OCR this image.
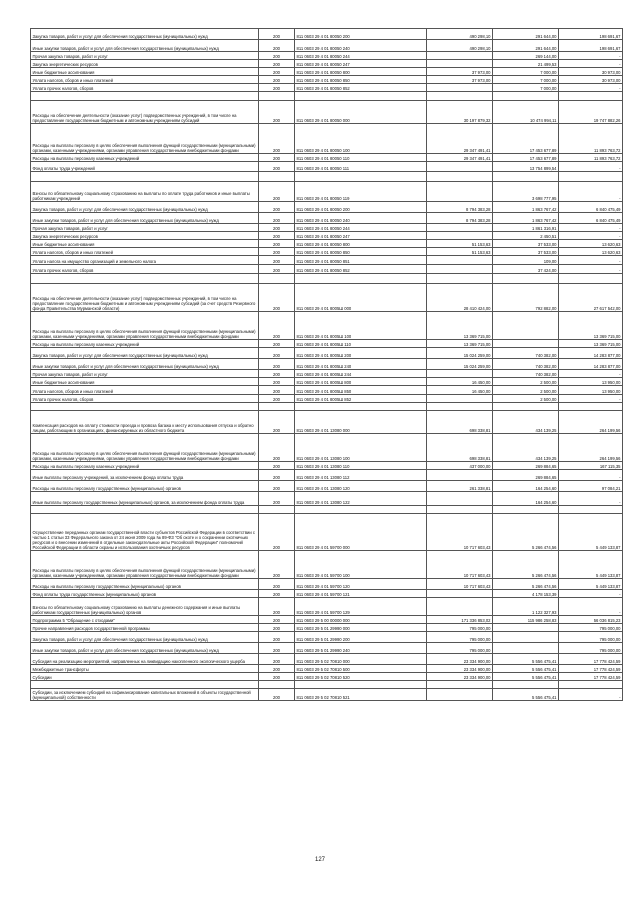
Закупка товаров, работ и услуг для обеспечения государственных (муниципальных) нужд	200	811 0603 29 4 01 80050 200	490 298,10	291 644,00	198 691,67
Иные закупки товаров, работ и услуг для обеспечения государственных (муниципальных) нужд	200	811 0603 29 4 01 80050 240	490 298,10	291 644,00	198 691,67
Прочая закупка товаров, работ и услуг	200	811 0603 29 4 01 80050 244		269 144,00	-
Закупка энергетических ресурсов	200	811 0603 29 4 01 80050 247		21 499,53	-
Иные бюджетные ассигнования	200	811 0603 29 4 01 80050 800	37 973,00	7 000,00	30 973,00
Уплата налогов, сборов и иных платежей	200	811 0603 29 4 01 80050 850	37 973,00	7 000,00	30 973,00
Уплата прочих налогов, сборов	200	811 0603 29 4 01 80050 852		7 000,00	-

Расходы на обеспечение деятельности (оказание услуг) подведомственных учреждений, в том числе на предоставление государственным бюджетным и автономным учреждениям субсидий	200	811 0603 29 4 01 80050 000	30 197 879,32	10 474 994,11	19 747 882,26
Расходы на выплаты персоналу в целях обеспечения выполнения функций государственными (муниципальными) органами, казенными учреждениями, органами управления государственными внебюджетными фондами	200	811 0603 29 4 01 80050 100	29 347 491,41	17 453 677,89	11 893 763,72
Расходы на выплаты персоналу казенных учреждений	200	811 0603 29 4 01 80050 110	29 347 491,41	17 453 677,89	11 893 763,72
Фонд оплаты труда учреждений	200	811 0603 29 4 01 80050 111		13 754 899,54	-

Взносы по обязательному социальному страхованию на выплаты по оплате труда работников и иные выплаты работникам учреждений	200	811 0603 29 4 01 80050 119		3 698 777,95	-
Закупка товаров, работ и услуг для обеспечения государственных (муниципальных) нужд	200	811 0603 29 4 01 80050 200	8 794 383,28	1 863 767,42	6 840 475,49
Иные закупки товаров, работ и услуг для обеспечения государственных (муниципальных) нужд	200	811 0603 29 4 01 80050 240	8 794 383,28	1 863 767,42	6 840 475,49
Прочая закупка товаров, работ и услуг	200	811 0603 29 4 01 80050 244		1 861 316,91	-
Закупка энергетических ресурсов	200	811 0603 29 4 01 80050 247		2 450,51	-
Иные бюджетные ассигнования	200	811 0603 29 4 01 80050 800	51 153,63	37 533,00	13 620,63
Уплата налогов, сборов и иных платежей	200	811 0603 29 4 01 80050 850	51 153,63	37 533,00	13 620,63
Уплата налога на имущество организаций и земельного налога	200	811 0603 29 4 01 80050 851		109,00	-
Уплата прочих налогов, сборов	200	811 0603 29 4 01 80050 852		37 424,00	-

Расходы на обеспечение деятельности (оказание услуг) подведомственных учреждений, в том числе на предоставление государственным бюджетным и автономным учреждениям субсидий (за счет средств Резервного фонда Правительства Мурманской области)	200	811 0603 29 4 01 8005Ш 000	28 410 424,00	792 882,00	27 617 542,00
Расходы на выплаты персоналу в целях обеспечения выполнения функций государственными (муниципальными) органами, казенными учреждениями, органами управления государственными внебюджетными фондами	200	811 0603 29 4 01 8005Ш 100	13 369 715,00		13 369 715,00
Расходы на выплаты персоналу казенных учреждений	200	811 0603 29 4 01 8005Ш 110	13 369 715,00		13 369 715,00
Закупка товаров, работ и услуг для обеспечения государственных (муниципальных) нужд	200	811 0603 29 4 01 8005Ш 200	15 024 259,00	740 382,00	14 283 877,00
Иные закупки товаров, работ и услуг для обеспечения государственных (муниципальных) нужд	200	811 0603 29 4 01 8005Ш 240	15 024 259,00	740 382,00	14 283 877,00
Прочая закупка товаров, работ и услуг	200	811 0603 29 4 01 8005Ш 244		740 382,00	-
Иные бюджетные ассигнования	200	811 0603 29 4 01 8005Ш 800	16 450,00	2 500,00	13 950,00
Уплата налогов, сборов и иных платежей	200	811 0603 29 4 01 8005Ш 850	16 450,00	2 500,00	13 950,00
Уплата прочих налогов, сборов	200	811 0603 29 4 01 8005Ш 852		2 500,00	-

Компенсация расходов на оплату стоимости проезда и провоза багажа к месту использования отпуска и обратно лицам, работающим в организациях, финансируемых из областного бюджета	200	811 0603 29 4 01 13080 000	698 338,81	434 139,25	264 199,56
Расходы на выплаты персоналу в целях обеспечения выполнения функций государственными (муниципальными) органами, казенными учреждениями, органами управления государственными внебюджетными фондами	200	811 0603 29 4 01 13080 100	698 338,81	434 139,25	264 199,56
Расходы на выплаты персоналу казенных учреждений	200	811 0603 29 4 01 13080 110	437 000,00	269 884,65	167 115,35
Иные выплаты персоналу учреждений, за исключением фонда оплаты труда	200	811 0603 29 4 01 13080 112		269 884,65	-
Расходы на выплаты персоналу государственных (муниципальных) органов	200	811 0603 29 4 01 13080 120	261 338,81	164 254,60	97 084,21
Иные выплаты персоналу государственных (муниципальных) органов, за исключением фонда оплаты труда	200	811 0603 29 4 01 13080 122		164 254,60	-

Осуществление переданных органам государственной власти субъектов Российской Федерации в соответствии с частью 1 статьи 33 Федерального закона от 24 июня 2009 года № 89-ФЗ "Об охоте и о сохранении охотничьих ресурсов и о внесении изменений в отдельные законодательные акты Российской Федерации" полномочий Российской Федерации в области охраны и использования охотничьих ресурсов	200	811 0603 29 4 01 59700 000	10 717 603,43	5 266 474,56	5 449 133,87
Расходы на выплаты персоналу в целях обеспечения выполнения функций государственными (муниципальными) органами, казенными учреждениями, органами управления государственными внебюджетными фондами	200	811 0603 29 4 01 59700 100	10 717 603,43	5 266 474,56	5 449 133,87
Расходы на выплаты персоналу государственных (муниципальных) органов	200	811 0603 29 4 01 59700 120	10 717 603,43	5 266 474,56	5 449 133,87
Фонд оплаты труда государственных (муниципальных) органов	200	811 0603 29 4 01 59700 121		4 178 153,39	-
Взносы по обязательному социальному страхованию на выплаты денежного содержания и иные выплаты работникам государственных (муниципальных) органов	200	811 0603 29 4 01 59700 129		1 122 327,93	-
Подпрограмма 5 "Обращение с отходами"	200	811 0603 29 5 00 00000 000	171 336 853,02	115 986 258,83	56 036 815,23
Прочие направления расходов государственной программы	200	811 0603 29 5 01 29990 000	795 000,00		795 000,00
Закупка товаров, работ и услуг для обеспечения государственных (муниципальных) нужд	200	811 0603 29 5 01 29990 200	795 000,00		795 000,00
Иные закупки товаров, работ и услуг для обеспечения государственных (муниципальных) нужд	200	811 0603 29 5 01 29990 240	795 000,00		795 000,00
Субсидия на реализацию мероприятий, направленных на ликвидацию накопленного экологического ущерба	200	811 0603 29 5 02 70810 000	23 334 900,00	5 556 475,41	17 778 424,59
Межбюджетные трансферты	200	811 0603 29 5 02 70810 500	23 334 900,00	5 556 475,41	17 778 424,59
Субсидии	200	811 0603 29 5 02 70810 520	23 334 900,00	5 556 475,41	17 778 424,59

Субсидии, за исключением субсидий на софинансирование капитальных вложений в объекты государственной (муниципальной) собственности	200	811 0603 29 5 02 70810 521		5 556 475,41	-
127
